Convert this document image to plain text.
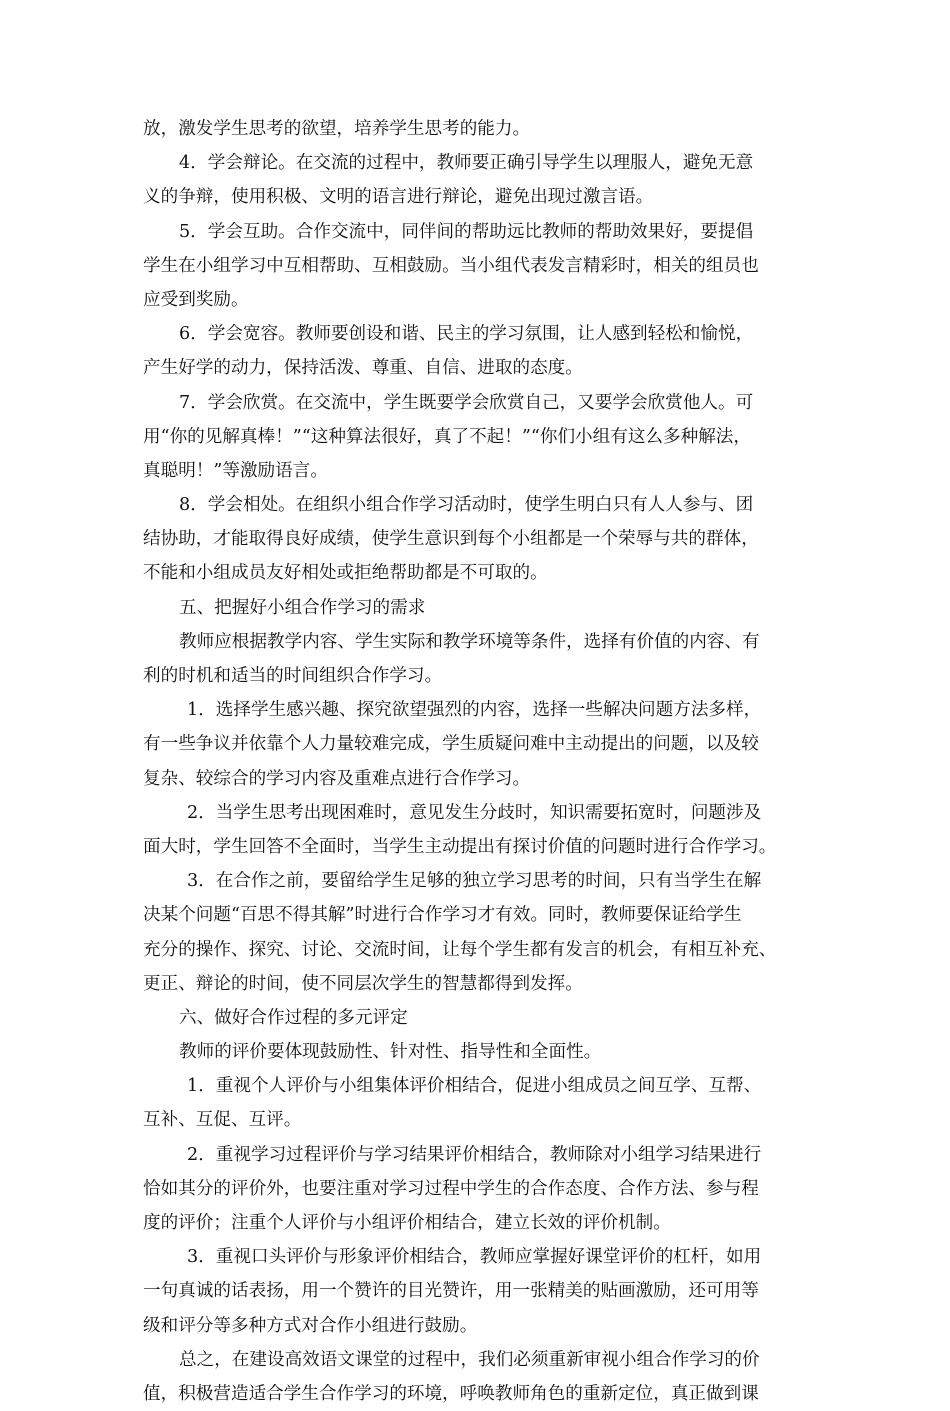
放，激发学生思考的欲望，培养学生思考的能力。
4．学会辩论。在交流的过程中，教师要正确引导学生以理服人，避免无意
义的争辩，使用积极、文明的语言进行辩论，避免出现过激言语。
5．学会互助。合作交流中，同伴间的帮助远比教师的帮助效果好，要提倡
学生在小组学习中互相帮助、互相鼓励。当小组代表发言精彩时，相关的组员也
应受到奖励。
6．学会宽容。教师要创设和谐、民主的学习氛围，让人感到轻松和愉悦，
产生好学的动力，保持活泼、尊重、自信、进取的态度。
7．学会欣赏。在交流中，学生既要学会欣赏自己，又要学会欣赏他人。可
用“你的见解真棒！”“这种算法很好，真了不起！”“你们小组有这么多种解法，
真聪明！”等激励语言。
8．学会相处。在组织小组合作学习活动时，使学生明白只有人人参与、团
结协助，才能取得良好成绩，使学生意识到每个小组都是一个荣辱与共的群体，
不能和小组成员友好相处或拒绝帮助都是不可取的。
五、把握好小组合作学习的需求
教师应根据教学内容、学生实际和教学环境等条件，选择有价值的内容、有
利的时机和适当的时间组织合作学习。
1．选择学生感兴趣、探究欲望强烈的内容，选择一些解决问题方法多样，
有一些争议并依靠个人力量较难完成，学生质疑问难中主动提出的问题，以及较
复杂、较综合的学习内容及重难点进行合作学习。
2．当学生思考出现困难时，意见发生分歧时，知识需要拓宽时，问题涉及
面大时，学生回答不全面时，当学生主动提出有探讨价值的问题时进行合作学习。
3．在合作之前，要留给学生足够的独立学习思考的时间，只有当学生在解
决某个问题“百思不得其解”时进行合作学习才有效。同时，教师要保证给学生
充分的操作、探究、讨论、交流时间，让每个学生都有发言的机会，有相互补充、
更正、辩论的时间，使不同层次学生的智慧都得到发挥。
六、做好合作过程的多元评定
教师的评价要体现鼓励性、针对性、指导性和全面性。
1．重视个人评价与小组集体评价相结合，促进小组成员之间互学、互帮、
互补、互促、互评。
2．重视学习过程评价与学习结果评价相结合，教师除对小组学习结果进行
恰如其分的评价外，也要注重对学习过程中学生的合作态度、合作方法、参与程
度的评价；注重个人评价与小组评价相结合，建立长效的评价机制。
3．重视口头评价与形象评价相结合，教师应掌握好课堂评价的杠杆，如用
一句真诚的话表扬，用一个赞许的目光赞许，用一张精美的贴画激励，还可用等
级和评分等多种方式对合作小组进行鼓励。
总之，在建设高效语文课堂的过程中，我们必须重新审视小组合作学习的价
值，积极营造适合学生合作学习的环境，呼唤教师角色的重新定位，真正做到课
